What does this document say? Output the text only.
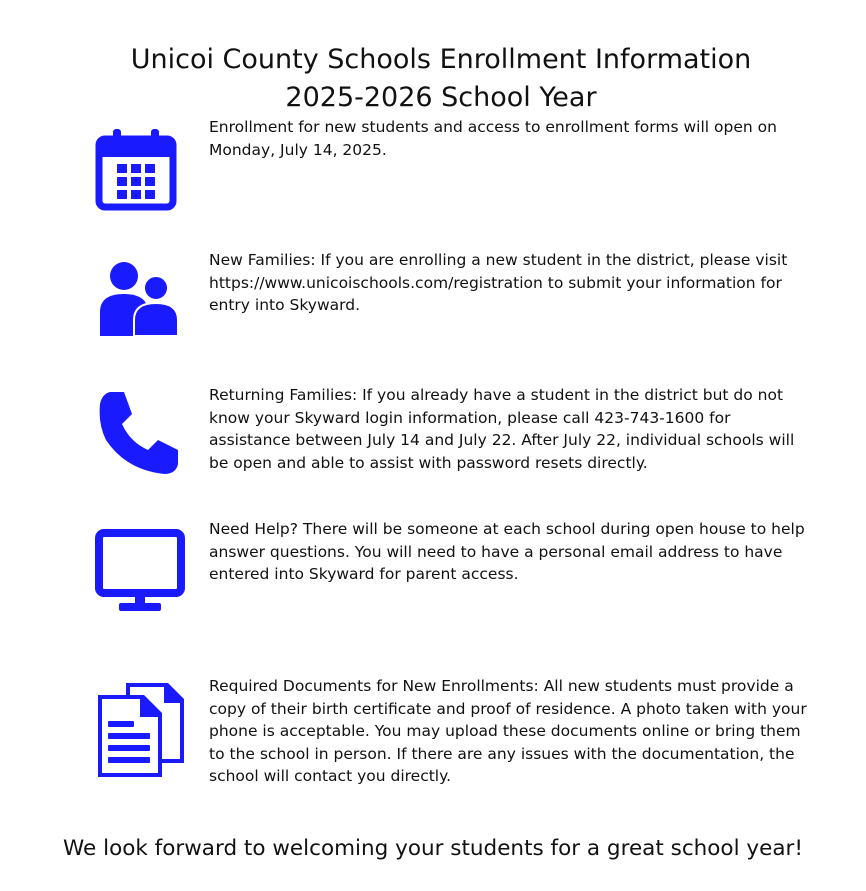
Unicoi County Schools Enrollment Information
2025-2026 School Year

Enrollment for new students and access to enrollment forms will open on Monday, July 14, 2025.

New Families: If you are enrolling a new student in the district, please visit https://www.unicoischools.com/registration to submit your information for entry into Skyward.

Returning Families: If you already have a student in the district but do not know your Skyward login information, please call 423-743-1600 for assistance between July 14 and July 22. After July 22, individual schools will be open and able to assist with password resets directly.

Need Help? There will be someone at each school during open house to help answer questions. You will need to have a personal email address to have entered into Skyward for parent access.

Required Documents for New Enrollments: All new students must provide a copy of their birth certificate and proof of residence. A photo taken with your phone is acceptable. You may upload these documents online or bring them to the school in person. If there are any issues with the documentation, the school will contact you directly.

We look forward to welcoming your students for a great school year!
